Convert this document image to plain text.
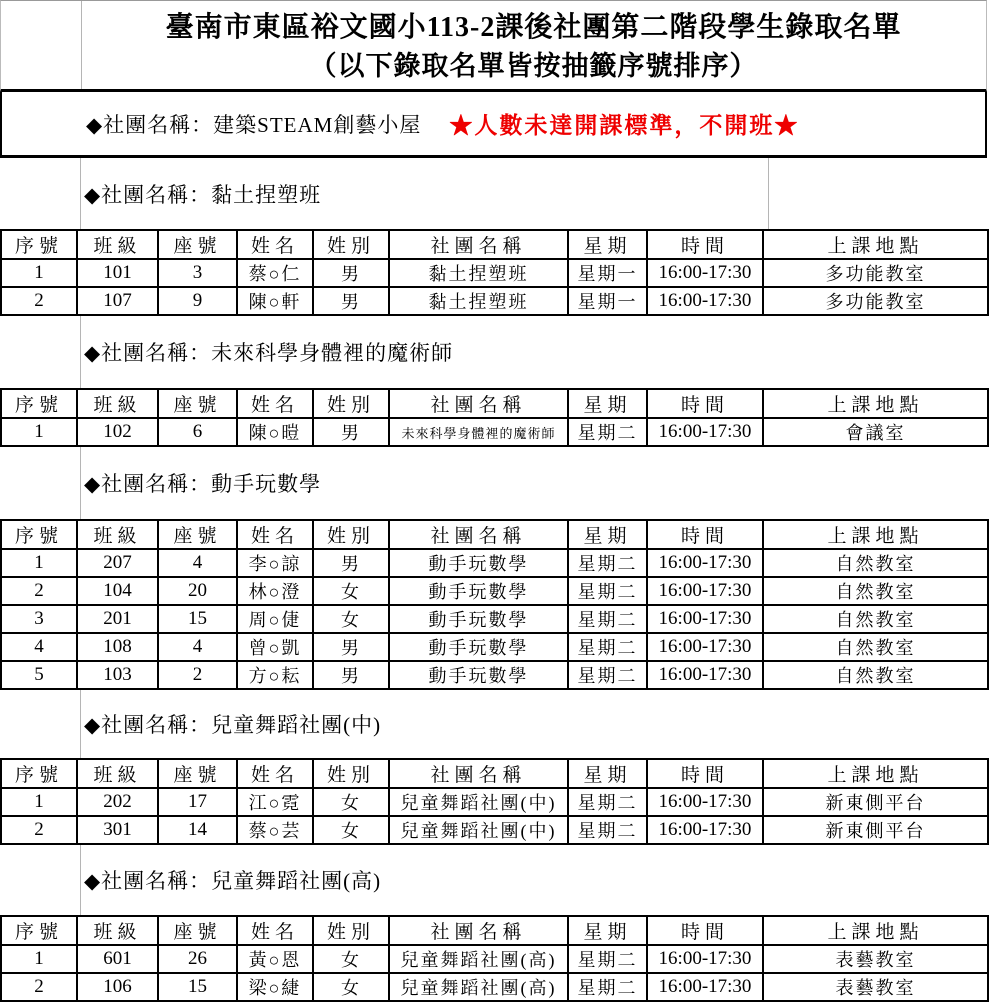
臺南市東區裕文國小113-2課後社團第二階段學生錄取名單
（以下錄取名單皆按抽籤序號排序）
◆社團名稱：建築STEAM創藝小屋 ★人數未達開課標準，不開班★
◆社團名稱：黏土捏塑班
序號	班級	座號	姓名	姓別	社團名稱	星期	時間	上課地點
1	101	3	蔡○仁	男	黏土捏塑班	星期一	16:00-17:30	多功能教室
2	107	9	陳○軒	男	黏土捏塑班	星期一	16:00-17:30	多功能教室
◆社團名稱：未來科學身體裡的魔術師
序號	班級	座號	姓名	姓別	社團名稱	星期	時間	上課地點
1	102	6	陳○暟	男	未來科學身體裡的魔術師	星期二	16:00-17:30	會議室
◆社團名稱：動手玩數學
序號	班級	座號	姓名	姓別	社團名稱	星期	時間	上課地點
1	207	4	李○諒	男	動手玩數學	星期二	16:00-17:30	自然教室
2	104	20	林○澄	女	動手玩數學	星期二	16:00-17:30	自然教室
3	201	15	周○倢	女	動手玩數學	星期二	16:00-17:30	自然教室
4	108	4	曾○凱	男	動手玩數學	星期二	16:00-17:30	自然教室
5	103	2	方○耘	男	動手玩數學	星期二	16:00-17:30	自然教室
◆社團名稱：兒童舞蹈社團(中)
序號	班級	座號	姓名	姓別	社團名稱	星期	時間	上課地點
1	202	17	江○霓	女	兒童舞蹈社團(中)	星期二	16:00-17:30	新東側平台
2	301	14	蔡○芸	女	兒童舞蹈社團(中)	星期二	16:00-17:30	新東側平台
◆社團名稱：兒童舞蹈社團(高)
序號	班級	座號	姓名	姓別	社團名稱	星期	時間	上課地點
1	601	26	黃○恩	女	兒童舞蹈社團(高)	星期二	16:00-17:30	表藝教室
2	106	15	梁○緁	女	兒童舞蹈社團(高)	星期二	16:00-17:30	表藝教室
